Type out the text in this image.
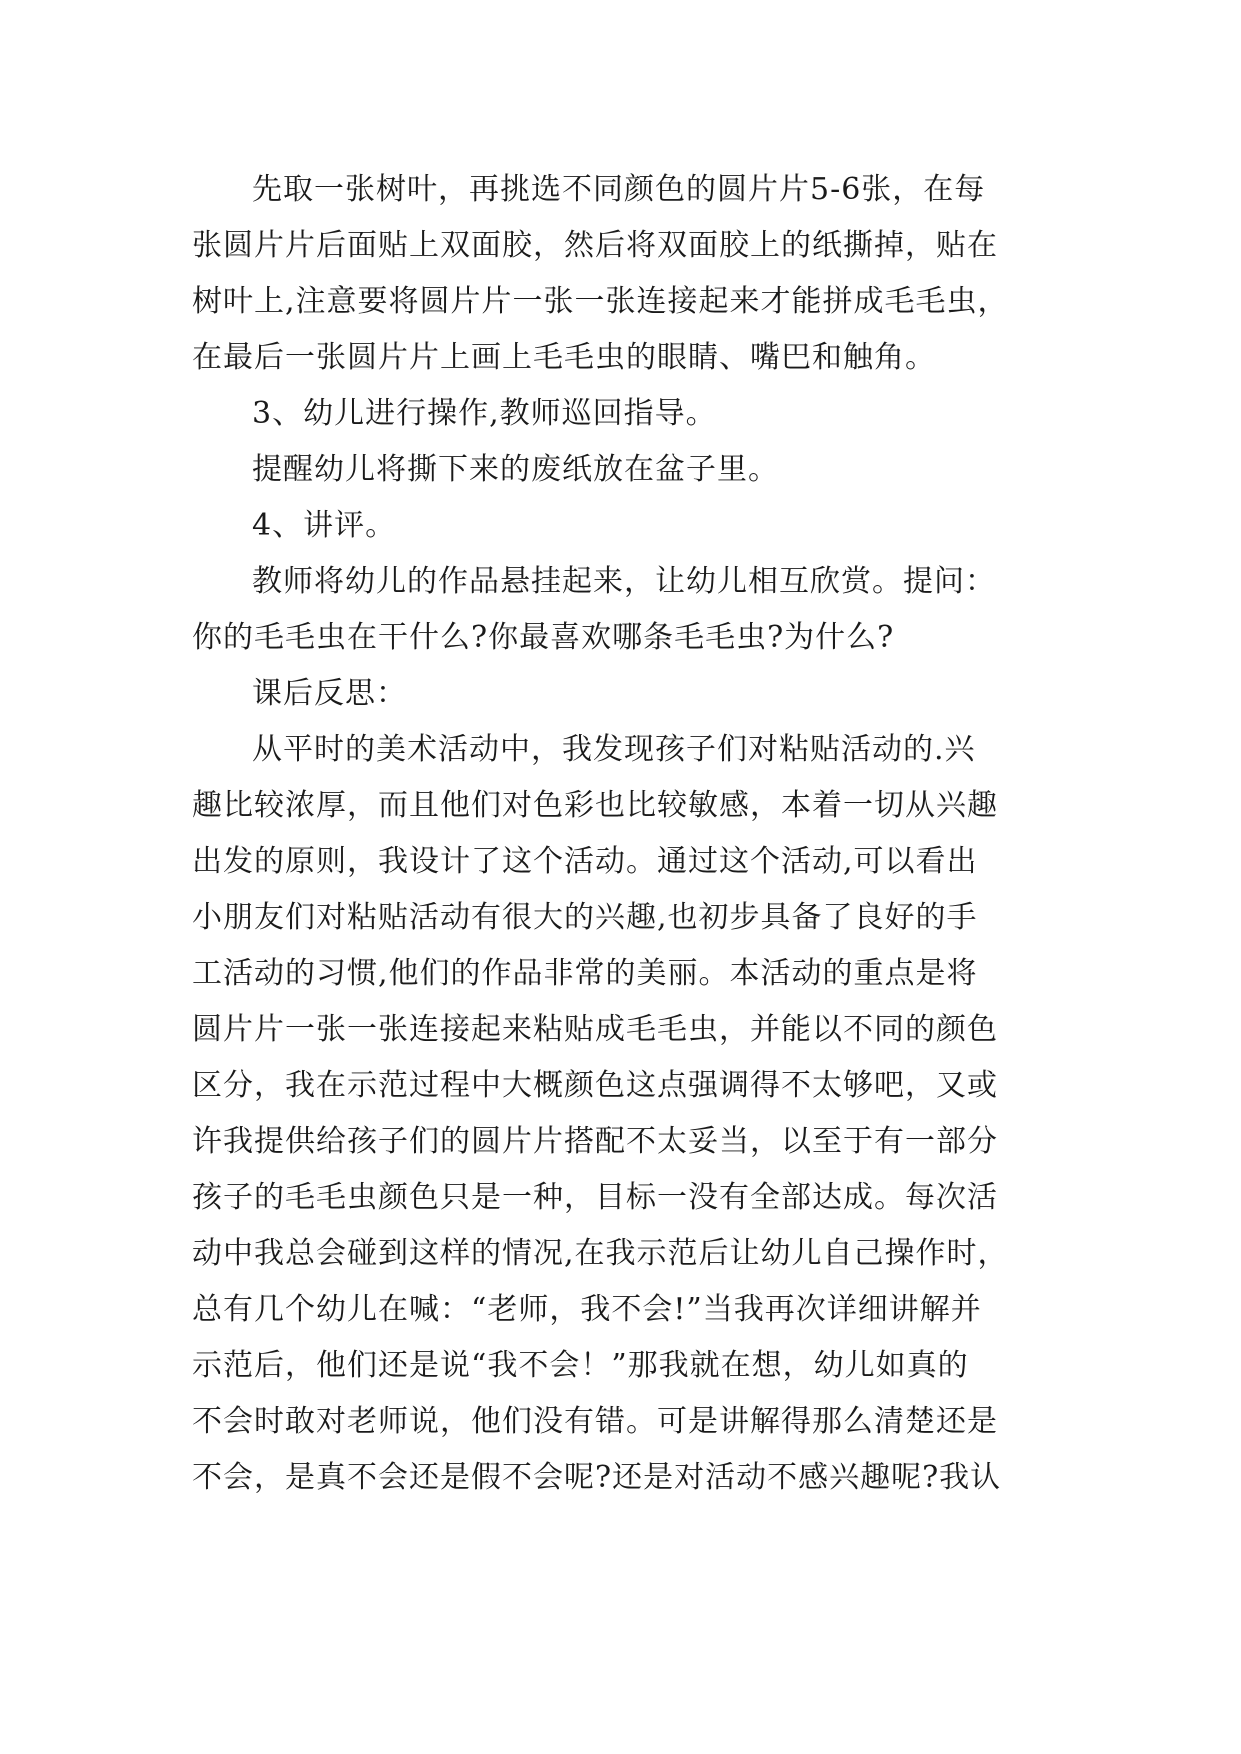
先取一张树叶，再挑选不同颜色的圆片片5-6张，在每
张圆片片后面贴上双面胶，然后将双面胶上的纸撕掉，贴在
树叶上,注意要将圆片片一张一张连接起来才能拼成毛毛虫，
在最后一张圆片片上画上毛毛虫的眼睛、嘴巴和触角。
3、幼儿进行操作,教师巡回指导。
提醒幼儿将撕下来的废纸放在盆子里。
4、讲评。
教师将幼儿的作品悬挂起来，让幼儿相互欣赏。提问：
你的毛毛虫在干什么?你最喜欢哪条毛毛虫?为什么?
课后反思：
从平时的美术活动中，我发现孩子们对粘贴活动的.兴
趣比较浓厚，而且他们对色彩也比较敏感，本着一切从兴趣
出发的原则，我设计了这个活动。通过这个活动,可以看出
小朋友们对粘贴活动有很大的兴趣,也初步具备了良好的手
工活动的习惯,他们的作品非常的美丽。本活动的重点是将
圆片片一张一张连接起来粘贴成毛毛虫，并能以不同的颜色
区分，我在示范过程中大概颜色这点强调得不太够吧，又或
许我提供给孩子们的圆片片搭配不太妥当，以至于有一部分
孩子的毛毛虫颜色只是一种，目标一没有全部达成。每次活
动中我总会碰到这样的情况,在我示范后让幼儿自己操作时，
总有几个幼儿在喊：“老师，我不会!”当我再次详细讲解并
示范后，他们还是说“我不会！”那我就在想，幼儿如真的
不会时敢对老师说，他们没有错。可是讲解得那么清楚还是
不会，是真不会还是假不会呢?还是对活动不感兴趣呢?我认
